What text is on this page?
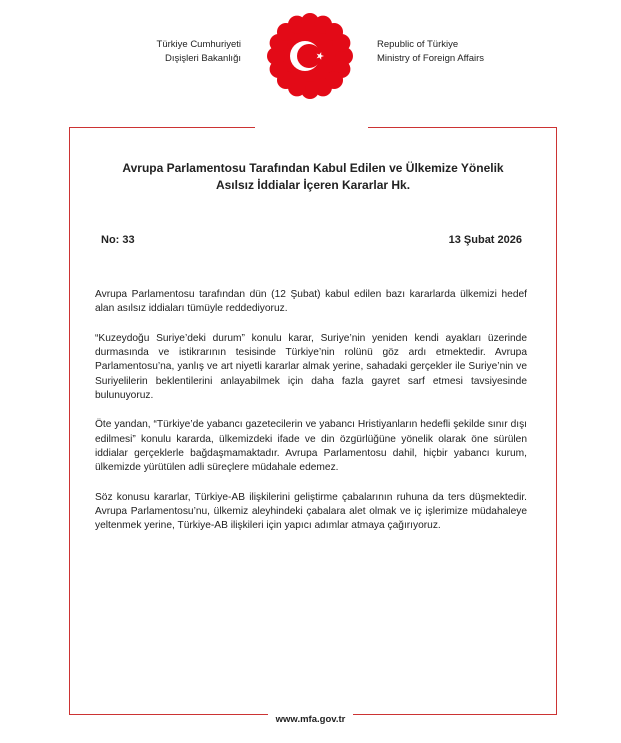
Türkiye Cumhuriyeti
Dışişleri Bakanlığı
Republic of Türkiye
Ministry of Foreign Affairs
Avrupa Parlamentosu Tarafından Kabul Edilen ve Ülkemize Yönelik
Asılsız İddialar İçeren Kararlar Hk.
No: 33	13 Şubat 2026

Avrupa Parlamentosu tarafından dün (12 Şubat) kabul edilen bazı kararlarda ülkemizi hedef alan asılsız iddiaları tümüyle reddediyoruz.

“Kuzeydoğu Suriye’deki durum” konulu karar, Suriye’nin yeniden kendi ayakları üzerinde durmasında ve istikrarının tesisinde Türkiye’nin rolünü göz ardı etmektedir. Avrupa Parlamentosu’na, yanlış ve art niyetli kararlar almak yerine, sahadaki gerçekler ile Suriye’nin ve Suriyelilerin beklentilerini anlayabilmek için daha fazla gayret sarf etmesi tavsiyesinde bulunuyoruz.

Öte yandan, “Türkiye’de yabancı gazetecilerin ve yabancı Hristiyanların hedefli şekilde sınır dışı edilmesi” konulu kararda, ülkemizdeki ifade ve din özgürlüğüne yönelik olarak öne sürülen iddialar gerçeklerle bağdaşmamaktadır. Avrupa Parlamentosu dahil, hiçbir yabancı kurum, ülkemizde yürütülen adli süreçlere müdahale edemez.

Söz konusu kararlar, Türkiye-AB ilişkilerini geliştirme çabalarının ruhuna da ters düşmektedir. Avrupa Parlamentosu’nu, ülkemiz aleyhindeki çabalara alet olmak ve iç işlerimize müdahaleye yeltenmek yerine, Türkiye-AB ilişkileri için yapıcı adımlar atmaya çağırıyoruz.

www.mfa.gov.tr
